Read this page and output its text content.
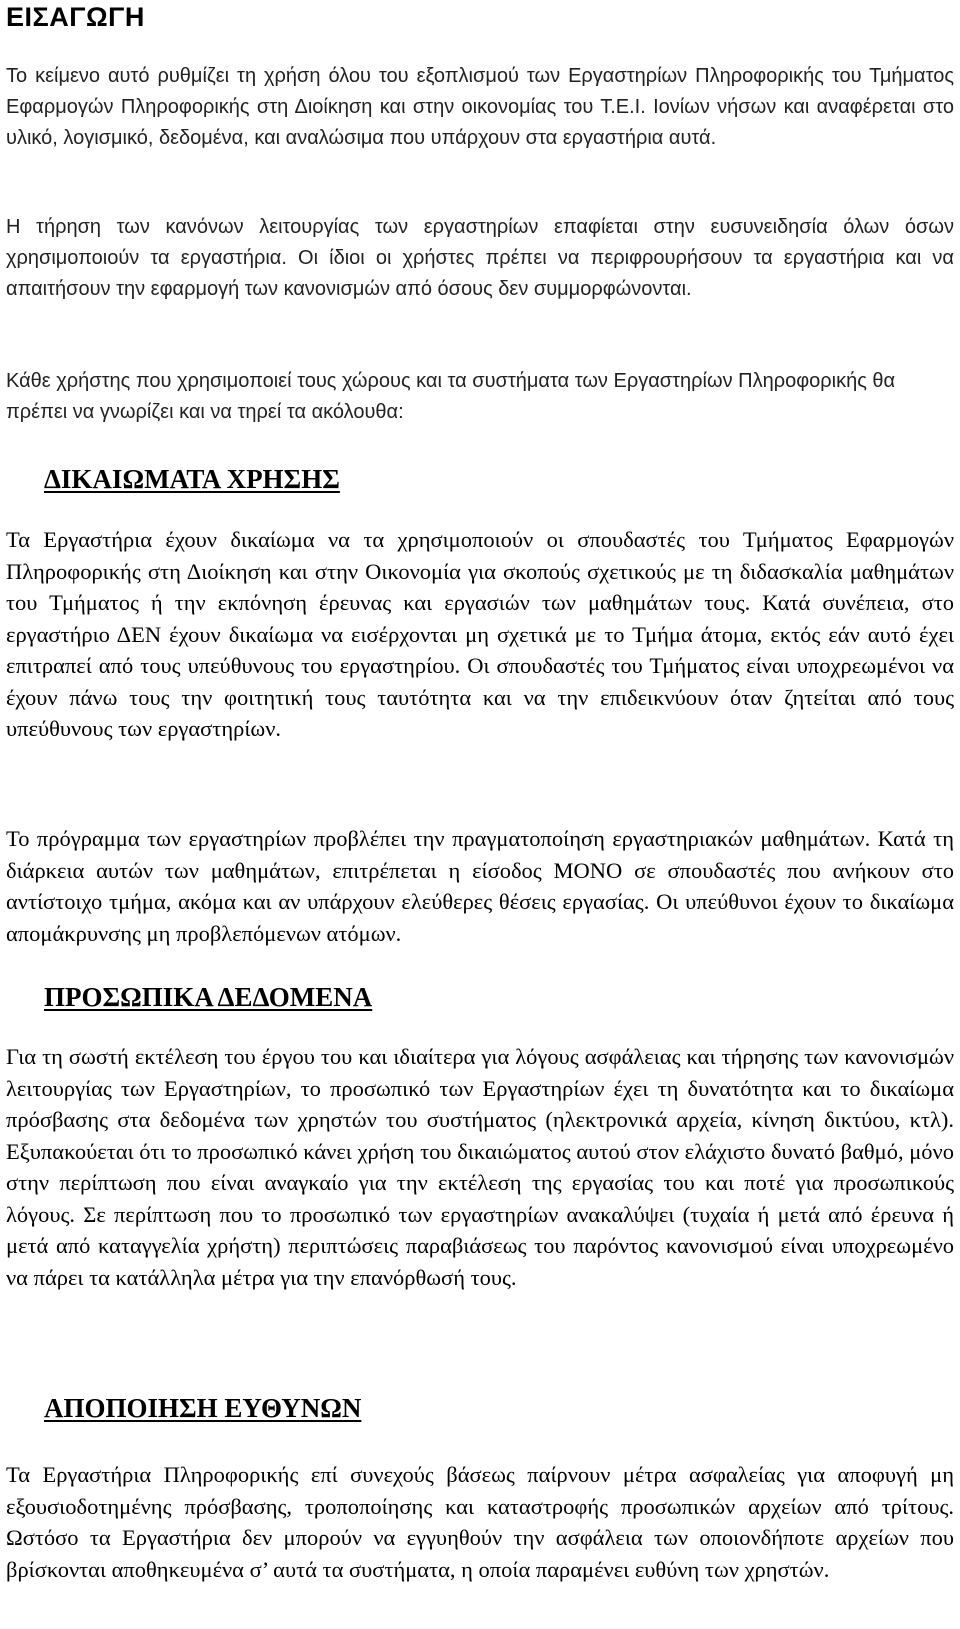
ΕΙΣΑΓΩΓΗ

Το κείμενο αυτό ρυθμίζει τη χρήση όλου του εξοπλισμού των Εργαστηρίων Πληροφορικής του Τμήματος Εφαρμογών Πληροφορικής στη Διοίκηση και στην οικονομίας του Τ.Ε.Ι. Ιονίων νήσων και αναφέρεται στο υλικό, λογισμικό, δεδομένα, και αναλώσιμα που υπάρχουν στα εργαστήρια αυτά.

Η τήρηση των κανόνων λειτουργίας των εργαστηρίων επαφίεται στην ευσυνειδησία όλων όσων χρησιμοποιούν τα εργαστήρια. Οι ίδιοι οι χρήστες πρέπει να περιφρουρήσουν τα εργαστήρια και να απαιτήσουν την εφαρμογή των κανονισμών από όσους δεν συμμορφώνονται.

Κάθε χρήστης που χρησιμοποιεί τους χώρους και τα συστήματα των Εργαστηρίων Πληροφορικής θα πρέπει να γνωρίζει και να τηρεί τα ακόλουθα:

ΔΙΚΑΙΩΜΑΤΑ ΧΡΗΣΗΣ

Τα Εργαστήρια έχουν δικαίωμα να τα χρησιμοποιούν οι σπουδαστές του Τμήματος Εφαρμογών Πληροφορικής στη Διοίκηση και στην Οικονομία για σκοπούς σχετικούς με τη διδασκαλία μαθημάτων του Τμήματος ή την εκπόνηση έρευνας και εργασιών των μαθημάτων τους. Κατά συνέπεια, στο εργαστήριο ΔΕΝ έχουν δικαίωμα να εισέρχονται μη σχετικά με το Τμήμα άτομα, εκτός εάν αυτό έχει επιτραπεί από τους υπεύθυνους του εργαστηρίου. Οι σπουδαστές του Τμήματος είναι υποχρεωμένοι να έχουν πάνω τους την φοιτητική τους ταυτότητα και να την επιδεικνύουν όταν ζητείται από τους υπεύθυνους των εργαστηρίων.

Το πρόγραμμα των εργαστηρίων προβλέπει την πραγματοποίηση εργαστηριακών μαθημάτων. Κατά τη διάρκεια αυτών των μαθημάτων, επιτρέπεται η είσοδος ΜΟΝΟ σε σπουδαστές που ανήκουν στο αντίστοιχο τμήμα, ακόμα και αν υπάρχουν ελεύθερες θέσεις εργασίας. Οι υπεύθυνοι έχουν το δικαίωμα απομάκρυνσης μη προβλεπόμενων ατόμων.

ΠΡΟΣΩΠΙΚΑ ΔΕΔΟΜΕΝΑ

Για τη σωστή εκτέλεση του έργου του και ιδιαίτερα για λόγους ασφάλειας και τήρησης των κανονισμών λειτουργίας των Εργαστηρίων, το προσωπικό των Εργαστηρίων έχει τη δυνατότητα και το δικαίωμα πρόσβασης στα δεδομένα των χρηστών του συστήματος (ηλεκτρονικά αρχεία, κίνηση δικτύου, κτλ). Εξυπακούεται ότι το προσωπικό κάνει χρήση του δικαιώματος αυτού στον ελάχιστο δυνατό βαθμό, μόνο στην περίπτωση που είναι αναγκαίο για την εκτέλεση της εργασίας του και ποτέ για προσωπικούς λόγους. Σε περίπτωση που το προσωπικό των εργαστηρίων ανακαλύψει (τυχαία ή μετά από έρευνα ή μετά από καταγγελία χρήστη) περιπτώσεις παραβιάσεως του παρόντος κανονισμού είναι υποχρεωμένο να πάρει τα κατάλληλα μέτρα για την επανόρθωσή τους.

ΑΠΟΠΟΙΗΣΗ ΕΥΘΥΝΩΝ

Τα Εργαστήρια Πληροφορικής επί συνεχούς βάσεως παίρνουν μέτρα ασφαλείας για αποφυγή μη εξουσιοδοτημένης πρόσβασης, τροποποίησης και καταστροφής προσωπικών αρχείων από τρίτους. Ωστόσο τα Εργαστήρια δεν μπορούν να εγγυηθούν την ασφάλεια των οποιονδήποτε αρχείων που βρίσκονται αποθηκευμένα σ’ αυτά τα συστήματα, η οποία παραμένει ευθύνη των χρηστών.
